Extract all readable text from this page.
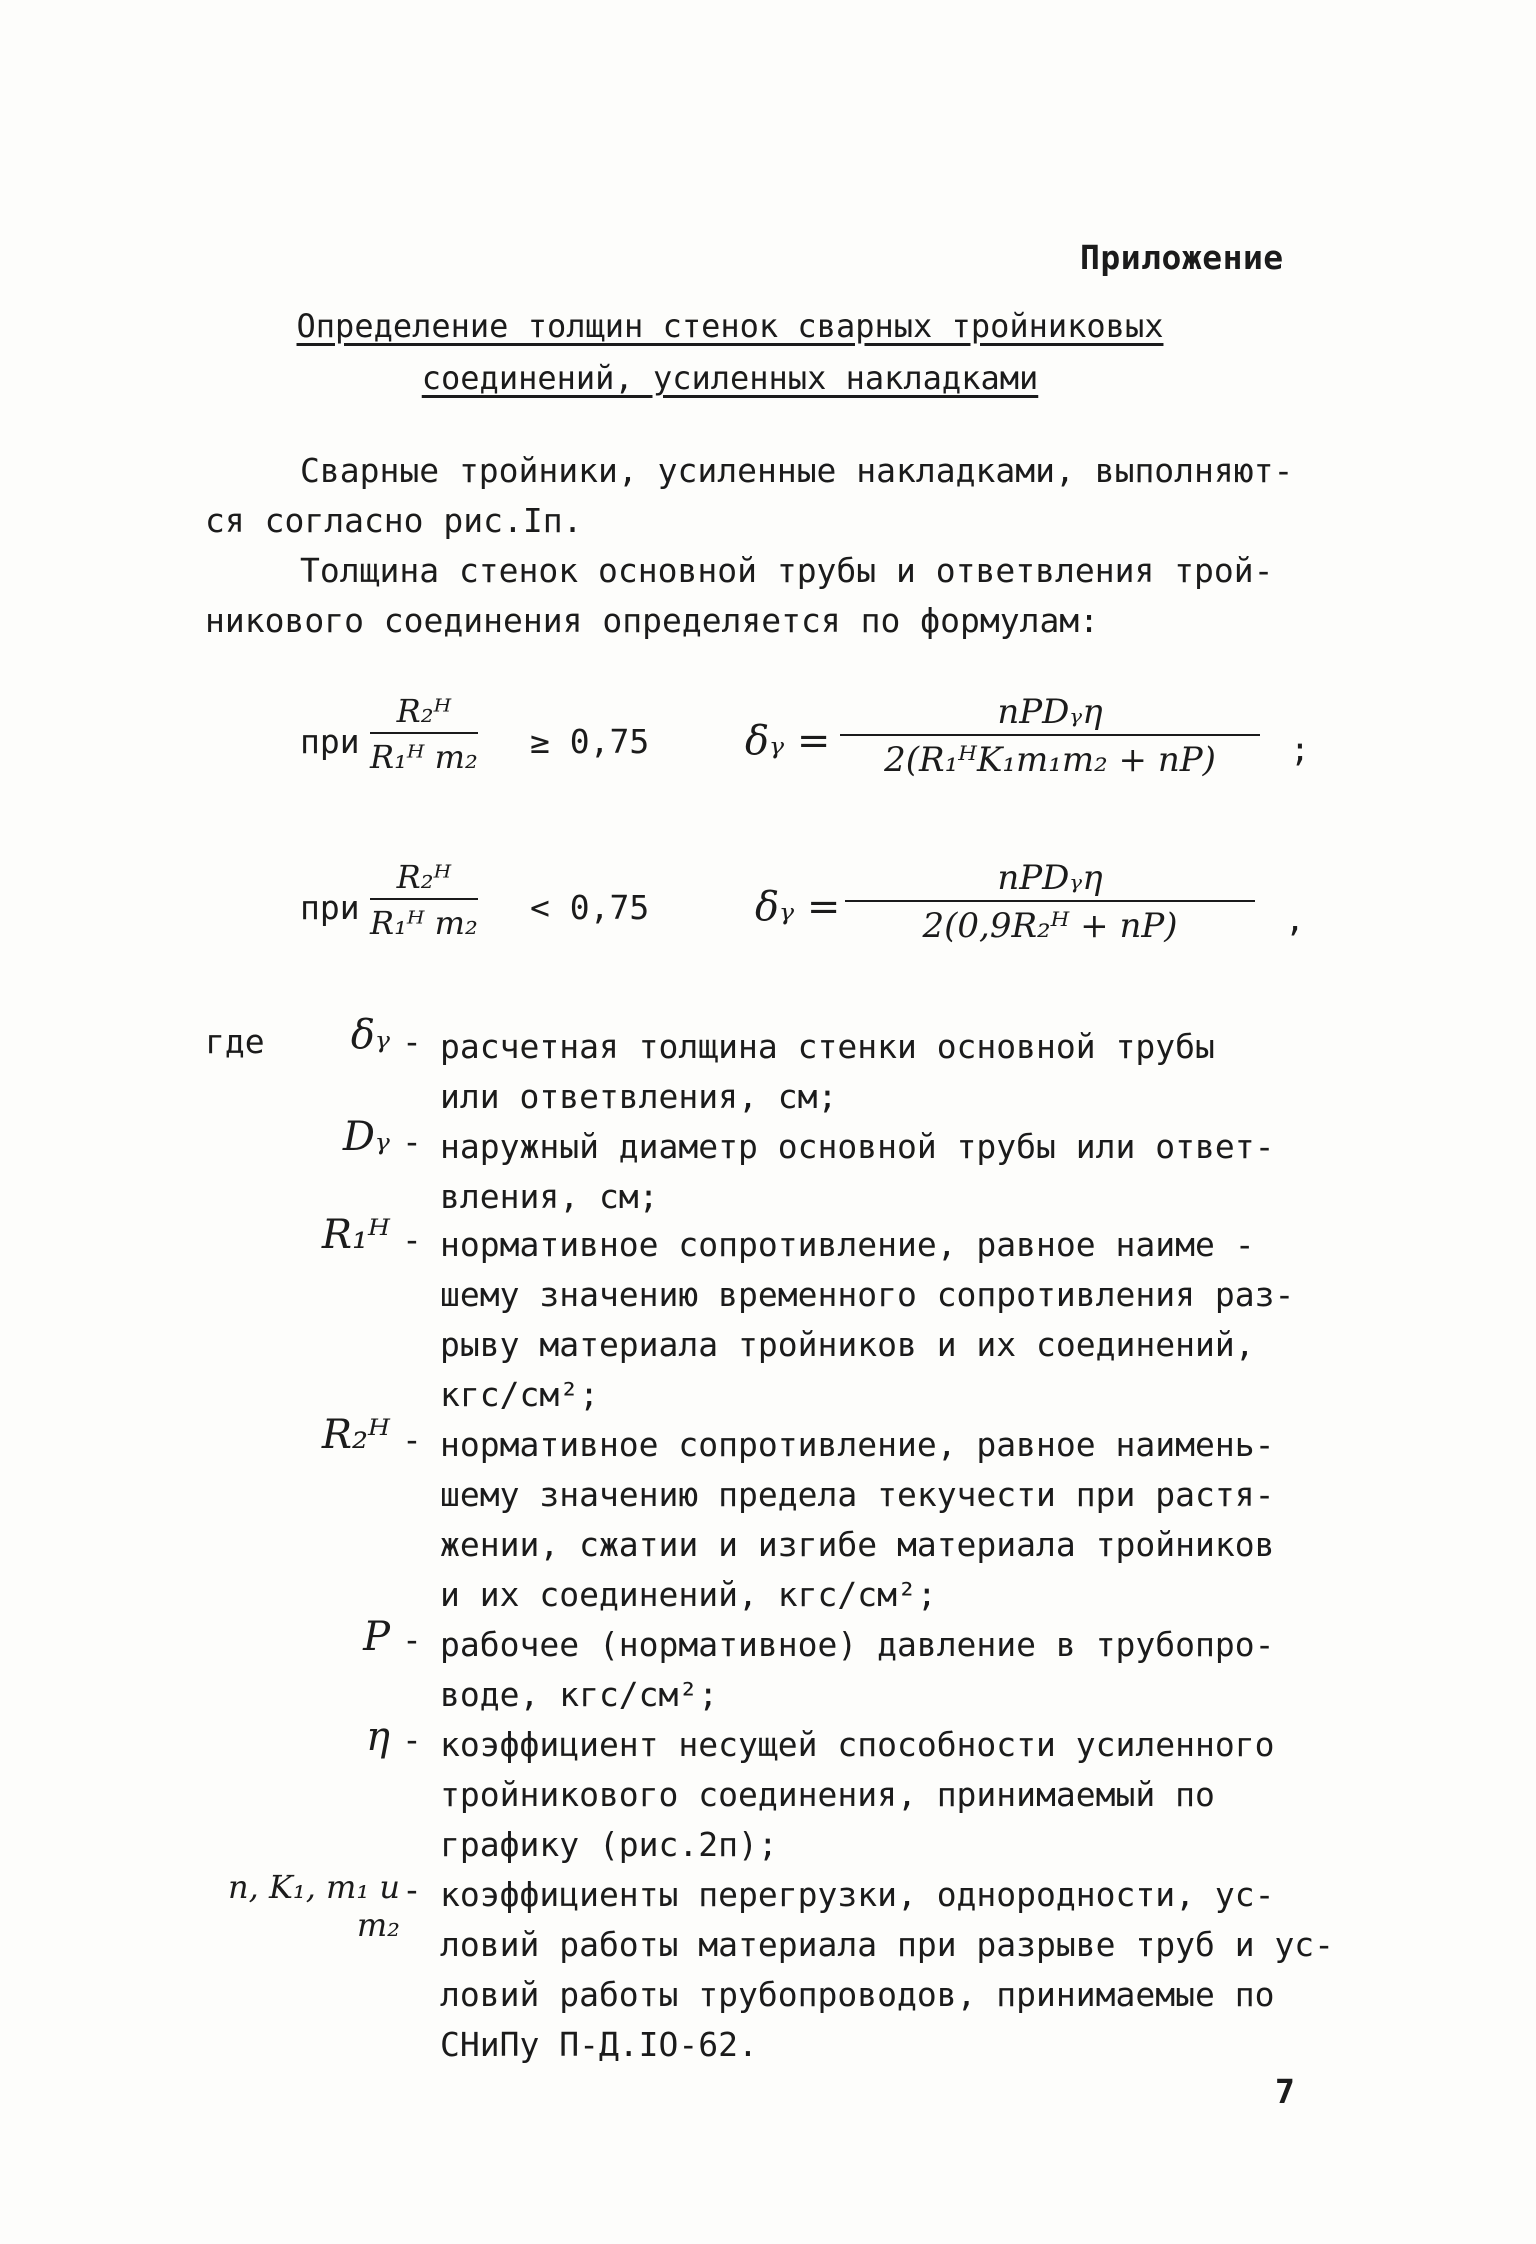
Приложение
Определение толщин стенок сварных тройниковых
соединений, усиленных накладками
Сварные тройники, усиленные накладками, выполняют-
ся согласно рис.Iп.
Толщина стенок основной трубы и ответвления трой-
никового соединения определяется по формулам:
при $\frac{\text{R₂ᴴ}}{\text{R₁ᴴ m₂}} \ge 0,75$ δᵧ =
nPDᵧη
2(R₁ᴴK₁m₁m₂ + nP)	;
при $\frac{\text{R₂ᴴ}}{\text{R₁ᴴ m₂}} < 0,75$	δᵧ =
nPDᵧη
2(0,9R₂ᴴ + nP)	,
где	δᵧ - расчетная толщина стенки основной трубы
или ответвления, см;
Dᵧ - наружный диаметр основной трубы или ответ-
вления, см;
R₁ᴴ - нормативное сопротивление, равное наиме -
шему значению временного сопротивления раз-
рыву материала тройников и их соединений,
кгс/см²;
R₂ᴴ - нормативное сопротивление, равное наимень-
шему значению предела текучести при растя-
жении, сжатии и изгибе материала тройников
и их соединений, кгс/см²;
P - рабочее (нормативное) давление в трубопро-
воде, кгс/см²;
η - коэффициент несущей способности усиленного
тройникового соединения, принимаемый по
графику (рис.2п);
n, K₁, m₁ и m₂
- коэффициенты перегрузки, однородности, ус-
ловий работы материала при разрыве труб и ус-
ловий работы трубопроводов, принимаемые по
СНиПу П-Д.IO-62.
7
